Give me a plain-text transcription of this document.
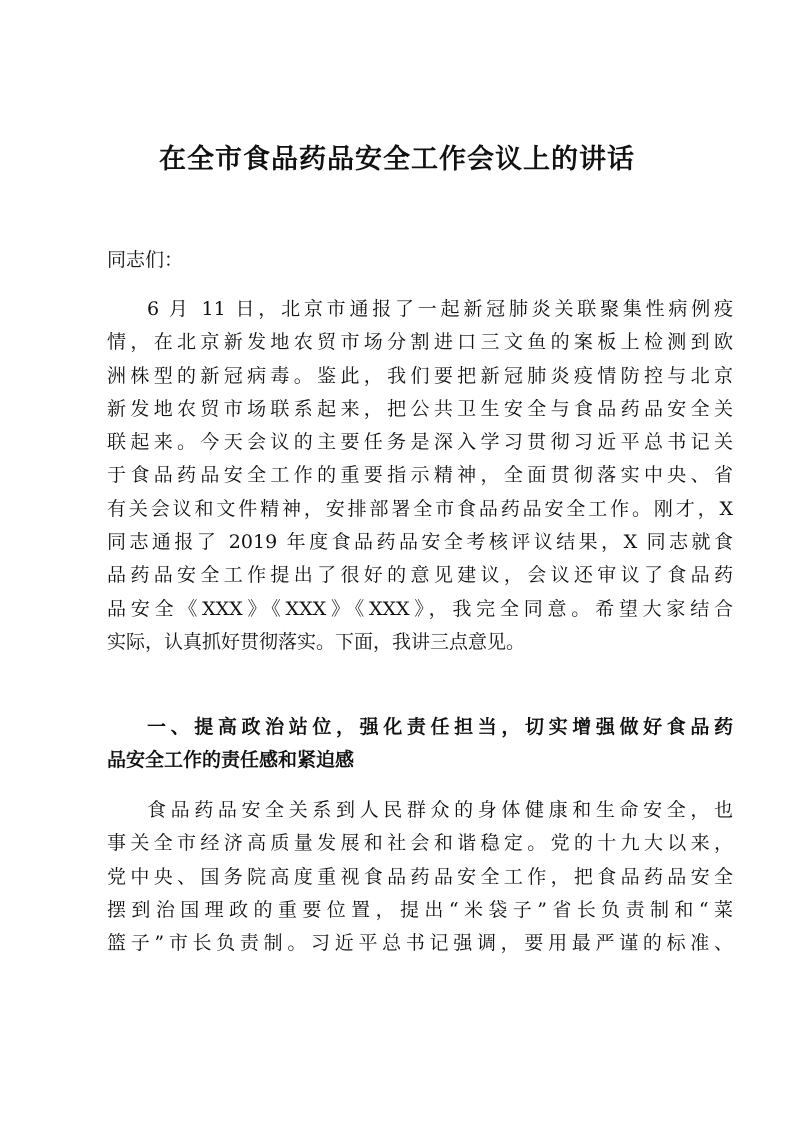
在全市食品药品安全工作会议上的讲话

同志们：

6 月 11 日，北京市通报了一起新冠肺炎关联聚集性病例疫
情，在北京新发地农贸市场分割进口三文鱼的案板上检测到欧
洲株型的新冠病毒。鉴此，我们要把新冠肺炎疫情防控与北京
新发地农贸市场联系起来，把公共卫生安全与食品药品安全关
联起来。今天会议的主要任务是深入学习贯彻习近平总书记关
于食品药品安全工作的重要指示精神，全面贯彻落实中央、省
有关会议和文件精神，安排部署全市食品药品安全工作。刚才，X
同志通报了 2019 年度食品药品安全考核评议结果，X 同志就食
品药品安全工作提出了很好的意见建议，会议还审议了食品药
品安全《XXX》《XXX》《XXX》，我完全同意。希望大家结合
实际，认真抓好贯彻落实。下面，我讲三点意见。
一、提高政治站位，强化责任担当，切实增强做好食品药
品安全工作的责任感和紧迫感
食品药品安全关系到人民群众的身体健康和生命安全，也
事关全市经济高质量发展和社会和谐稳定。党的十九大以来，
党中央、国务院高度重视食品药品安全工作，把食品药品安全
摆到治国理政的重要位置，提出“米袋子”省长负责制和“菜
篮子”市长负责制。习近平总书记强调，要用最严谨的标准、
